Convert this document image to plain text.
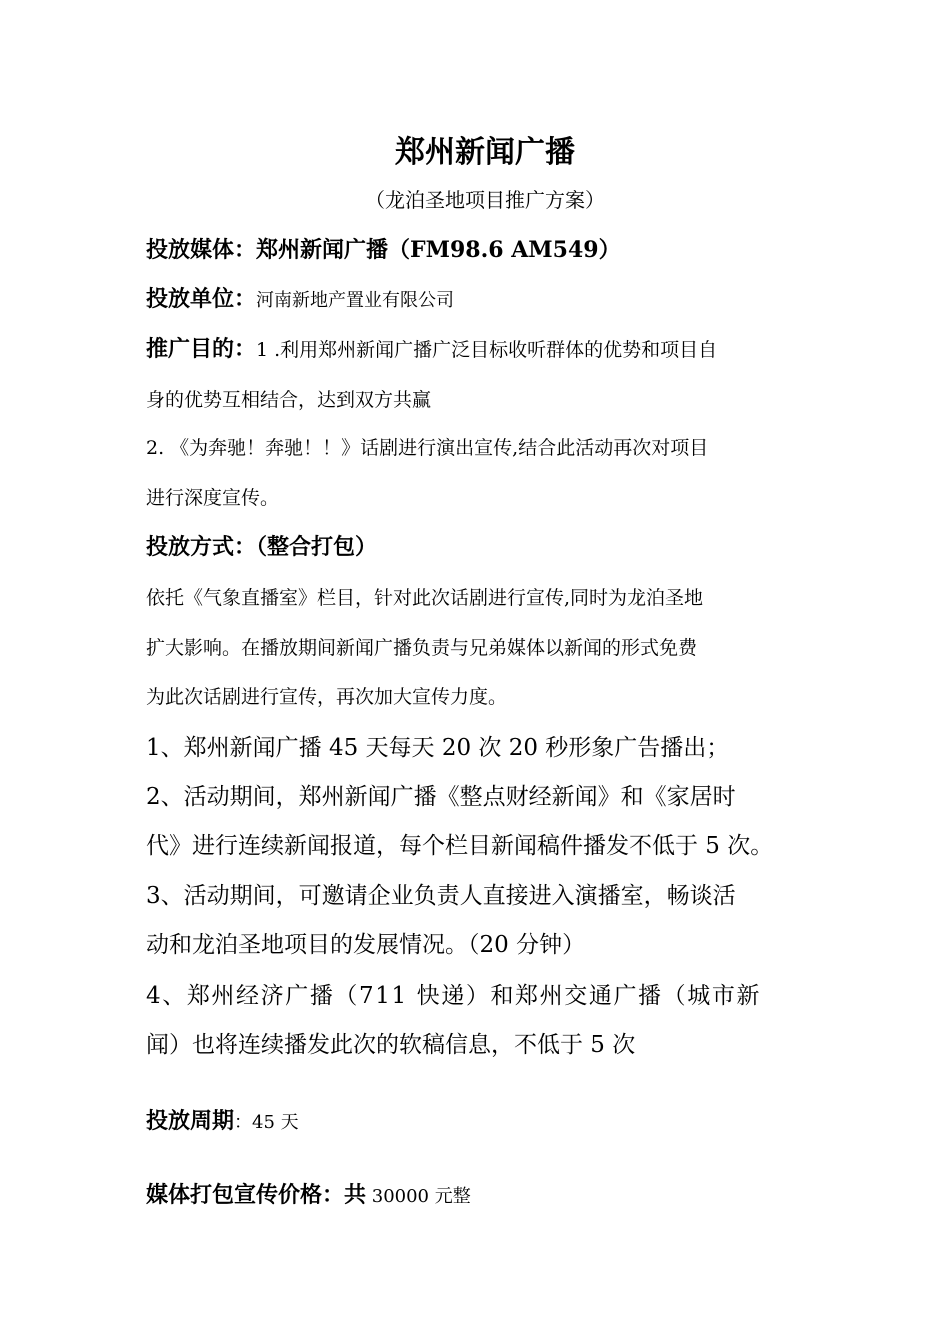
郑州新闻广播

（龙泊圣地项目推广方案）

投放媒体：郑州新闻广播（FM98.6 AM549）

投放单位：河南新地产置业有限公司

推广目的：1 .利用郑州新闻广播广泛目标收听群体的优势和项目自

身的优势互相结合，达到双方共赢

2. 《为奔驰！奔驰！！》话剧进行演出宣传,结合此活动再次对项目

进行深度宣传。

投放方式：（整合打包）

依托《气象直播室》栏目，针对此次话剧进行宣传,同时为龙泊圣地

扩大影响。在播放期间新闻广播负责与兄弟媒体以新闻的形式免费

为此次话剧进行宣传，再次加大宣传力度。

1、郑州新闻广播 45 天每天 20 次 20 秒形象广告播出；

2、活动期间，郑州新闻广播《整点财经新闻》和《家居时

代》进行连续新闻报道，每个栏目新闻稿件播发不低于 5 次。

3、活动期间，可邀请企业负责人直接进入演播室，畅谈活

动和龙泊圣地项目的发展情况。（20 分钟）

4、郑州经济广播（711 快递）和郑州交通广播（城市新

闻）也将连续播发此次的软稿信息，不低于 5 次

投放周期：45 天

媒体打包宣传价格：共 30000 元整
